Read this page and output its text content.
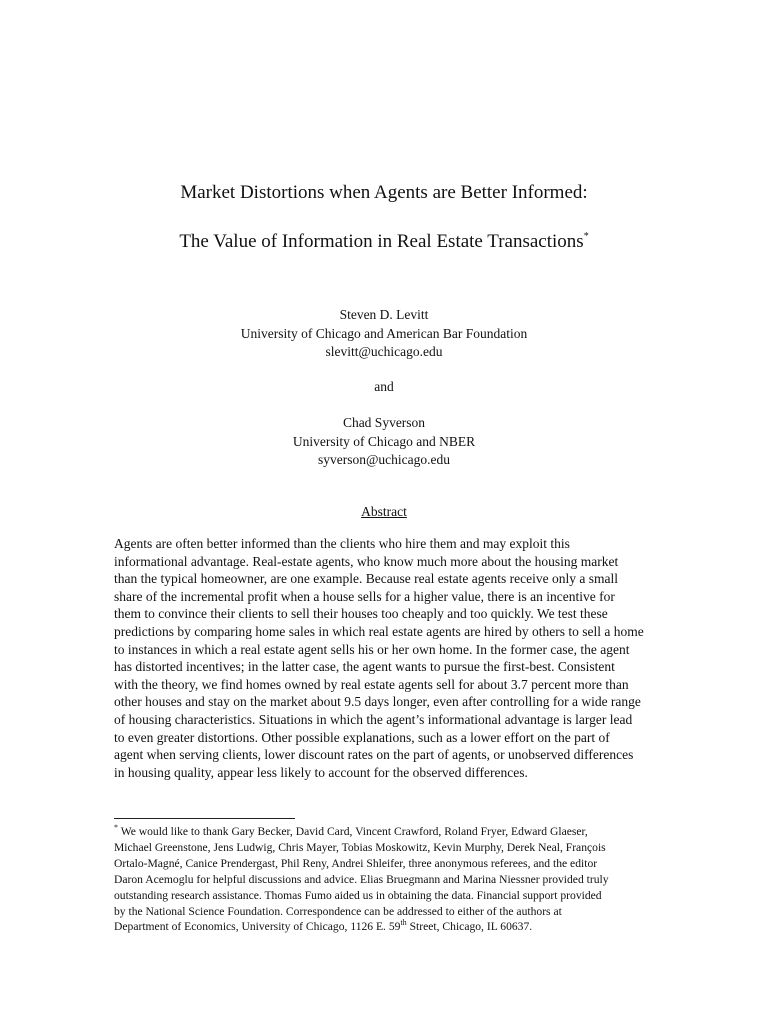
Market Distortions when Agents are Better Informed:
The Value of Information in Real Estate Transactions*
Steven D. Levitt
University of Chicago and American Bar Foundation
slevitt@uchicago.edu
and
Chad Syverson
University of Chicago and NBER
syverson@uchicago.edu
Abstract
Agents are often better informed than the clients who hire them and may exploit this
informational advantage. Real-estate agents, who know much more about the housing market
than the typical homeowner, are one example. Because real estate agents receive only a small
share of the incremental profit when a house sells for a higher value, there is an incentive for
them to convince their clients to sell their houses too cheaply and too quickly. We test these
predictions by comparing home sales in which real estate agents are hired by others to sell a home
to instances in which a real estate agent sells his or her own home. In the former case, the agent
has distorted incentives; in the latter case, the agent wants to pursue the first-best. Consistent
with the theory, we find homes owned by real estate agents sell for about 3.7 percent more than
other houses and stay on the market about 9.5 days longer, even after controlling for a wide range
of housing characteristics. Situations in which the agent’s informational advantage is larger lead
to even greater distortions. Other possible explanations, such as a lower effort on the part of
agent when serving clients, lower discount rates on the part of agents, or unobserved differences
in housing quality, appear less likely to account for the observed differences.
* We would like to thank Gary Becker, David Card, Vincent Crawford, Roland Fryer, Edward Glaeser,
Michael Greenstone, Jens Ludwig, Chris Mayer, Tobias Moskowitz, Kevin Murphy, Derek Neal, François
Ortalo-Magné, Canice Prendergast, Phil Reny, Andrei Shleifer, three anonymous referees, and the editor
Daron Acemoglu for helpful discussions and advice. Elias Bruegmann and Marina Niessner provided truly
outstanding research assistance. Thomas Fumo aided us in obtaining the data. Financial support provided
by the National Science Foundation. Correspondence can be addressed to either of the authors at
Department of Economics, University of Chicago, 1126 E. 59th Street, Chicago, IL 60637.
